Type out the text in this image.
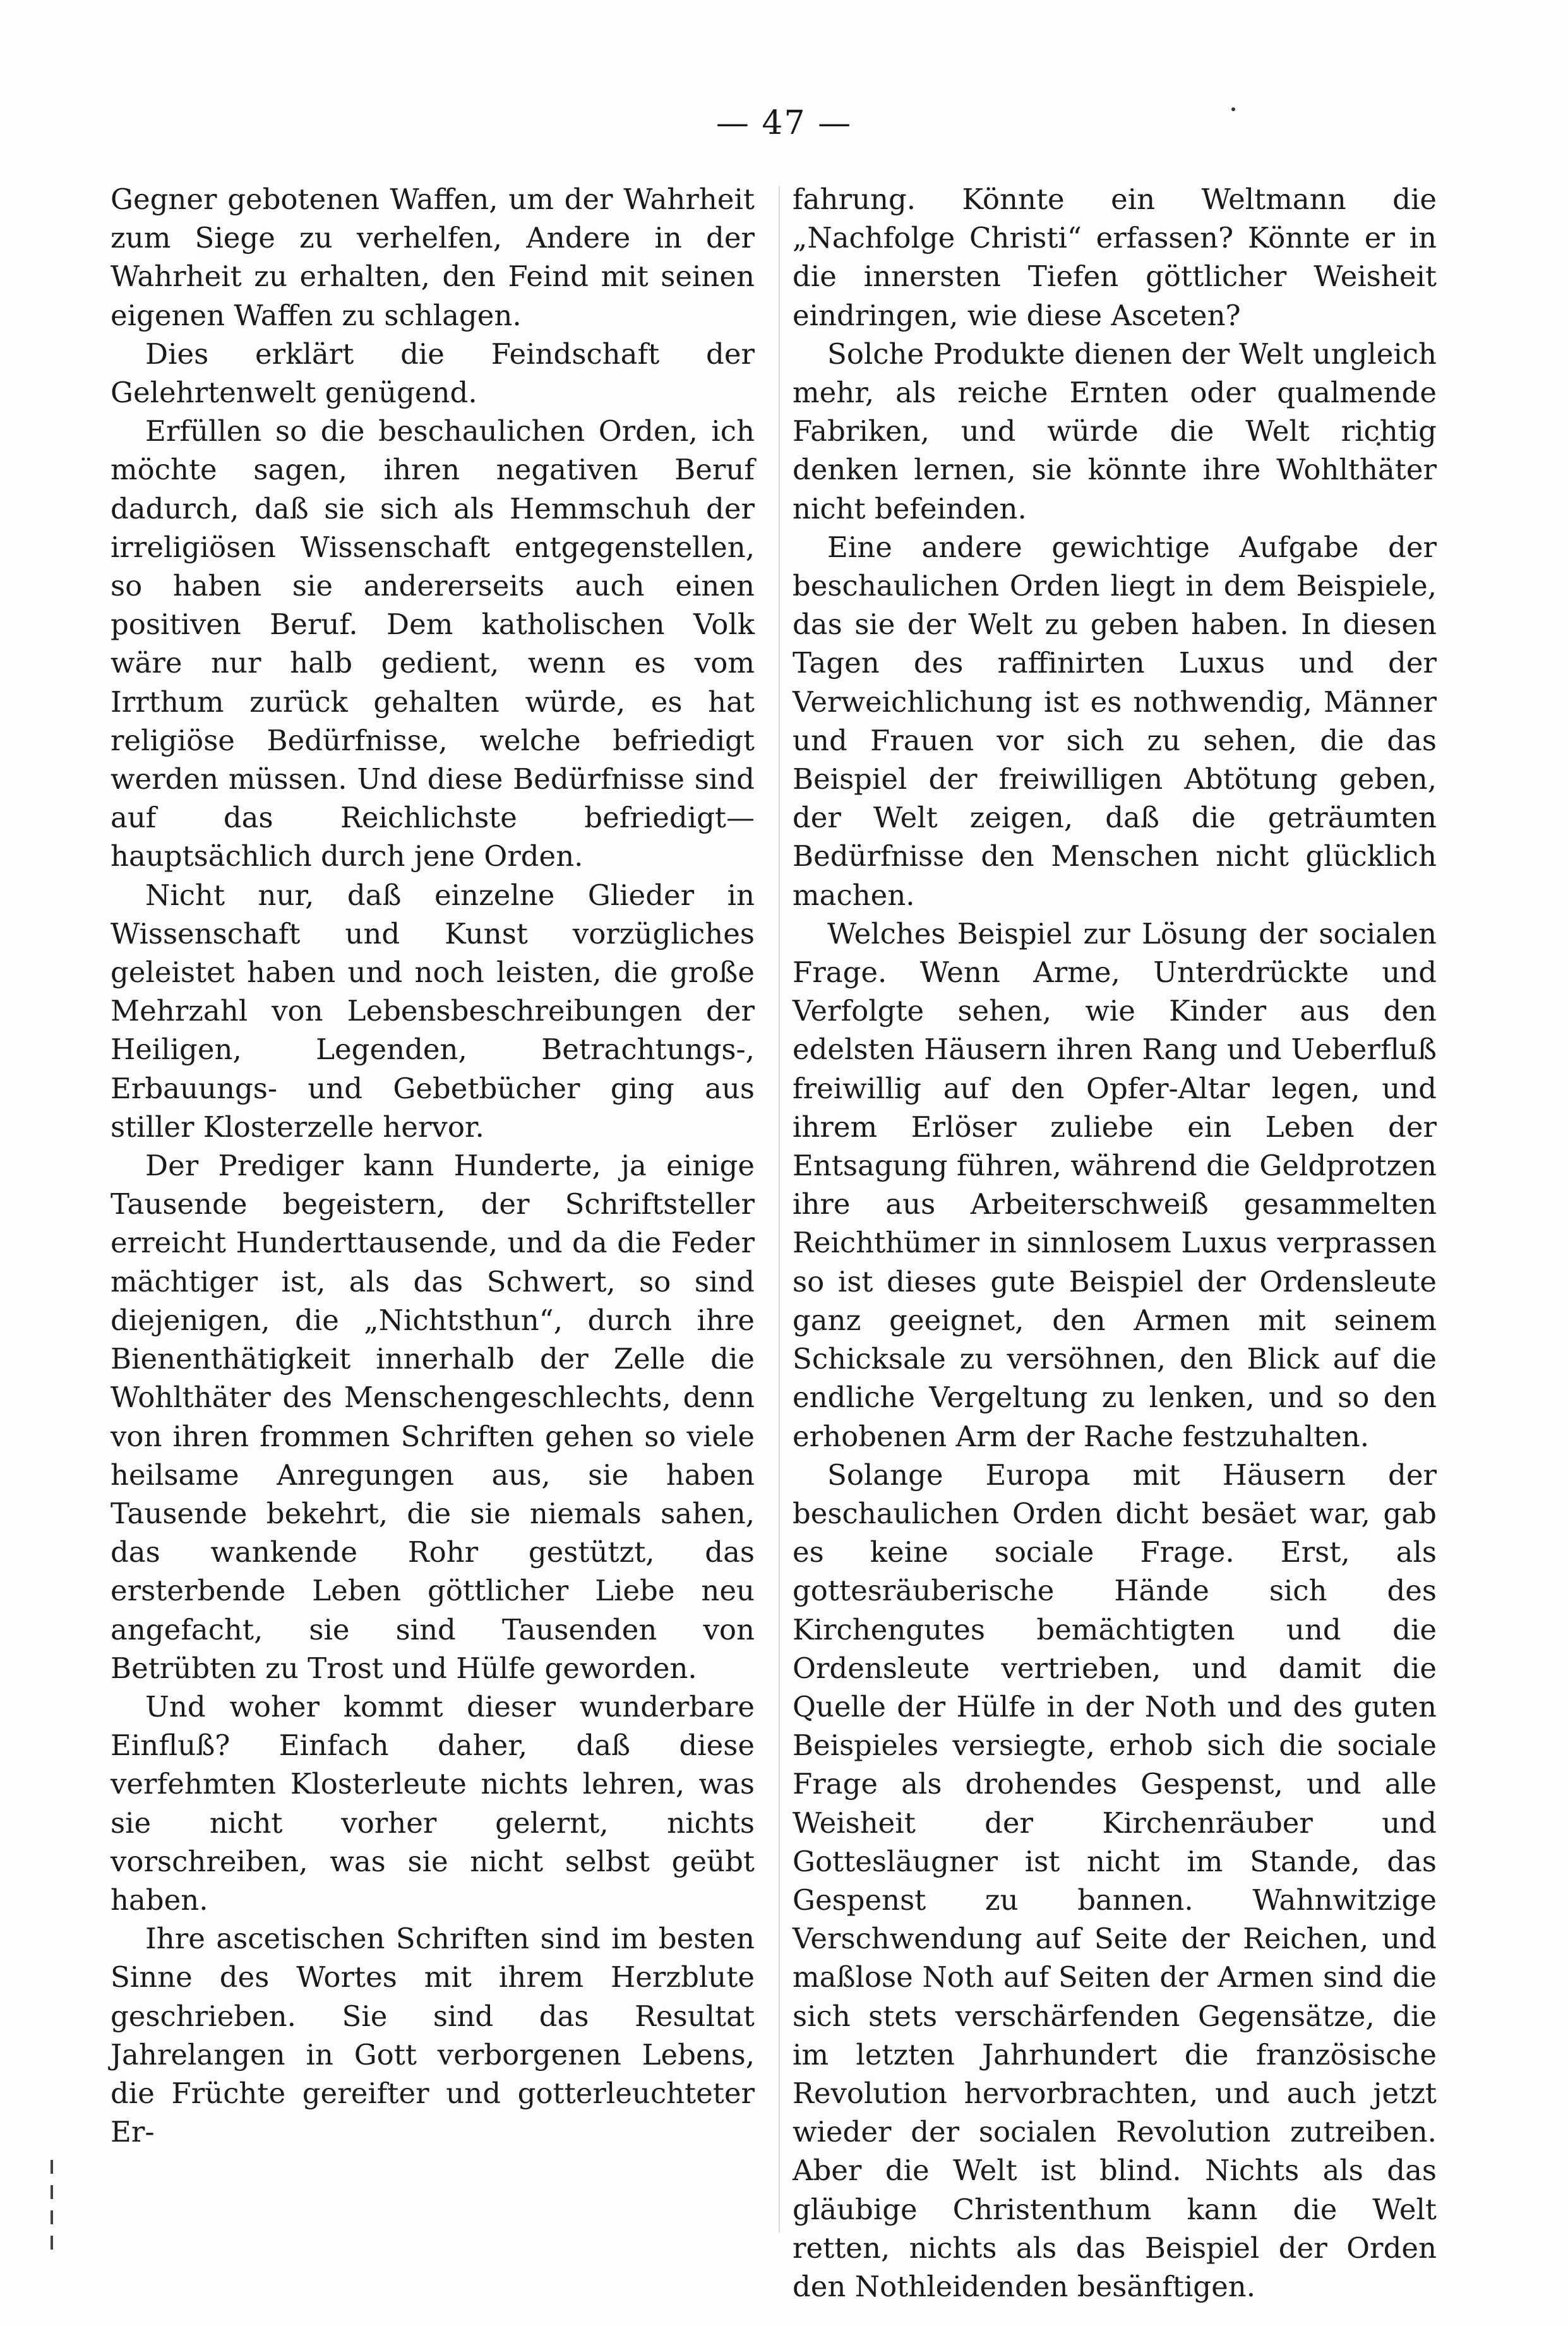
— 47 —

Gegner gebotenen Waffen, um der Wahrheit zum Siege zu verhelfen, Andere in der Wahrheit zu erhalten, den Feind mit seinen eigenen Waffen zu schlagen.

Dies erklärt die Feindschaft der Gelehrtenwelt genügend.

Erfüllen so die beschaulichen Orden, ich möchte sagen, ihren negativen Beruf dadurch, daß sie sich als Hemmschuh der irreligiösen Wissenschaft entgegenstellen, so haben sie andererseits auch einen positiven Beruf. Dem katholischen Volk wäre nur halb gedient, wenn es vom Irrthum zurück gehalten würde, es hat religiöse Bedürfnisse, welche befriedigt werden müssen. Und diese Bedürfnisse sind auf das Reichlichste befriedigt—hauptsächlich durch jene Orden.

Nicht nur, daß einzelne Glieder in Wissenschaft und Kunst vorzügliches geleistet haben und noch leisten, die große Mehrzahl von Lebensbeschreibungen der Heiligen, Legenden, Betrachtungs-, Erbauungs- und Gebetbücher ging aus stiller Klosterzelle hervor.

Der Prediger kann Hunderte, ja einige Tausende begeistern, der Schriftsteller erreicht Hunderttausende, und da die Feder mächtiger ist, als das Schwert, so sind diejenigen, die „Nichtsthun“, durch ihre Bienenthätigkeit innerhalb der Zelle die Wohlthäter des Menschengeschlechts, denn von ihren frommen Schriften gehen so viele heilsame Anregungen aus, sie haben Tausende bekehrt, die sie niemals sahen, das wankende Rohr gestützt, das ersterbende Leben göttlicher Liebe neu angefacht, sie sind Tausenden von Betrübten zu Trost und Hülfe geworden.

Und woher kommt dieser wunderbare Einfluß? Einfach daher, daß diese verfehmten Klosterleute nichts lehren, was sie nicht vorher gelernt, nichts vorschreiben, was sie nicht selbst geübt haben.

Ihre ascetischen Schriften sind im besten Sinne des Wortes mit ihrem Herzblute geschrieben. Sie sind das Resultat Jahrelangen in Gott verborgenen Lebens, die Früchte gereifter und gotterleuchteter Er-

fahrung. Könnte ein Weltmann die „Nachfolge Christi“ erfassen? Könnte er in die innersten Tiefen göttlicher Weisheit eindringen, wie diese Asceten?

Solche Produkte dienen der Welt ungleich mehr, als reiche Ernten oder qualmende Fabriken, und würde die Welt richtig denken lernen, sie könnte ihre Wohlthäter nicht befeinden.

Eine andere gewichtige Aufgabe der beschaulichen Orden liegt in dem Beispiele, das sie der Welt zu geben haben. In diesen Tagen des raffinirten Luxus und der Verweichlichung ist es nothwendig, Männer und Frauen vor sich zu sehen, die das Beispiel der freiwilligen Abtötung geben, der Welt zeigen, daß die geträumten Bedürfnisse den Menschen nicht glücklich machen.

Welches Beispiel zur Lösung der socialen Frage. Wenn Arme, Unterdrückte und Verfolgte sehen, wie Kinder aus den edelsten Häusern ihren Rang und Ueberfluß freiwillig auf den Opfer-Altar legen, und ihrem Erlöser zuliebe ein Leben der Entsagung führen, während die Geldprotzen ihre aus Arbeiterschweiß gesammelten Reichthümer in sinnlosem Luxus verprassen so ist dieses gute Beispiel der Ordensleute ganz geeignet, den Armen mit seinem Schicksale zu versöhnen, den Blick auf die endliche Vergeltung zu lenken, und so den erhobenen Arm der Rache festzuhalten.

Solange Europa mit Häusern der beschaulichen Orden dicht besäet war, gab es keine sociale Frage. Erst, als gottesräuberische Hände sich des Kirchengutes bemächtigten und die Ordensleute vertrieben, und damit die Quelle der Hülfe in der Noth und des guten Beispieles versiegte, erhob sich die sociale Frage als drohendes Gespenst, und alle Weisheit der Kirchenräuber und Gottesläugner ist nicht im Stande, das Gespenst zu bannen. Wahnwitzige Verschwendung auf Seite der Reichen, und maßlose Noth auf Seiten der Armen sind die sich stets verschärfenden Gegensätze, die im letzten Jahrhundert die französische Revolution hervorbrachten, und auch jetzt wieder der socialen Revolution zutreiben. Aber die Welt ist blind. Nichts als das gläubige Christenthum kann die Welt retten, nichts als das Beispiel der Orden den Nothleidenden besänftigen.
